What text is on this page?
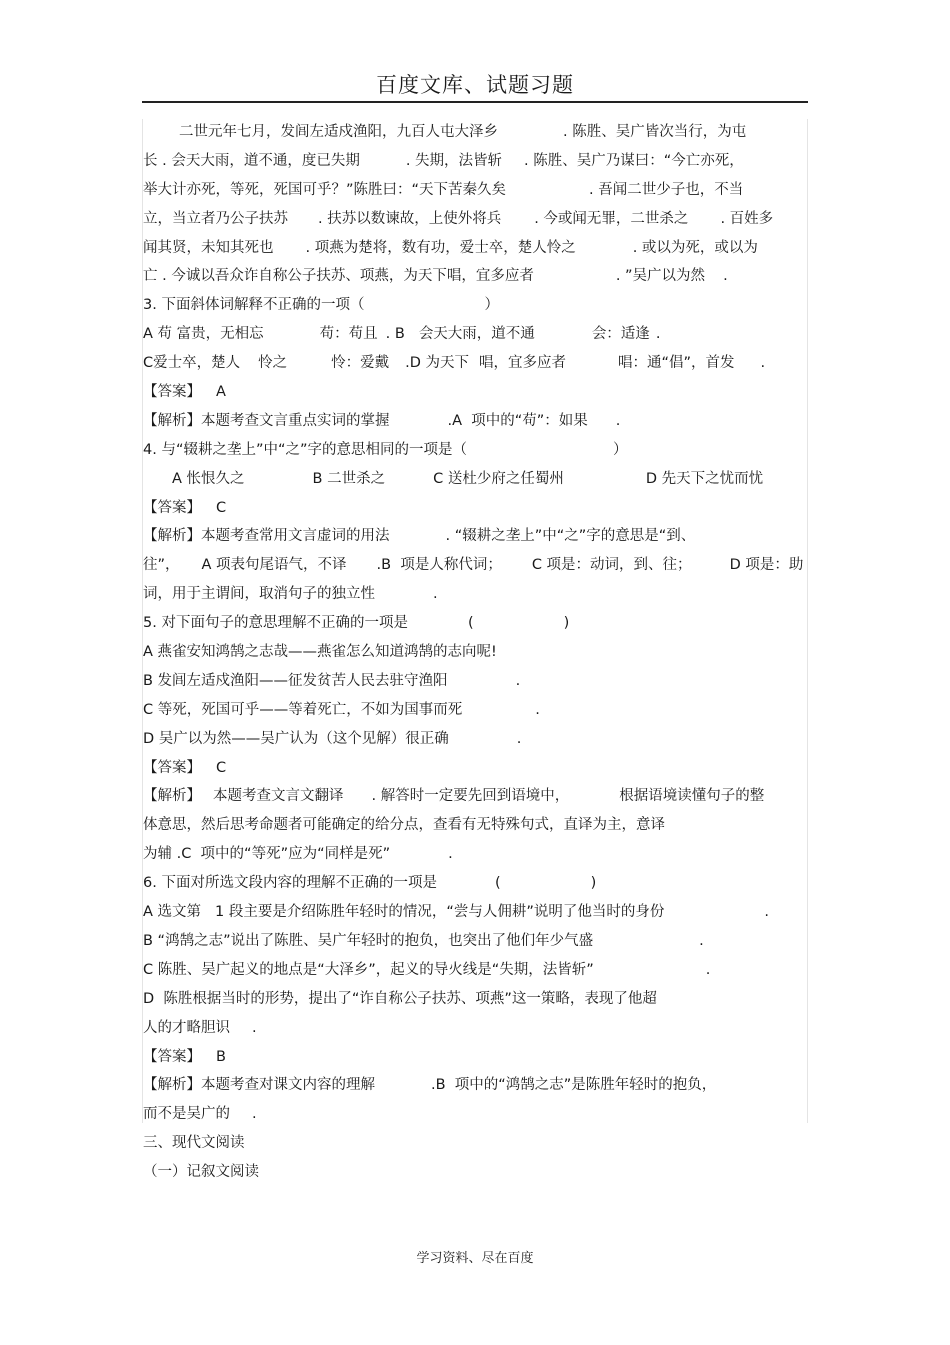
百度文库、试题习题
二世元年七月，发闾左适戍渔阳，九百人屯大泽乡	. 陈胜、吴广皆次当行，为屯
长 . 会天大雨，道不通，度已失期	. 失期，法皆斩 . 陈胜、吴广乃谋曰：“今亡亦死，
举大计亦死，等死，死国可乎？”陈胜曰：“天下苦秦久矣	. 吾闻二世少子也，不当
立，当立者乃公子扶苏 . 扶苏以数谏故，上使外将兵 . 今或闻无罪，二世杀之 . 百姓多
闻其贤，未知其死也 . 项燕为楚将，数有功，爱士卒，楚人怜之	. 或以为死，或以为
亡 . 今诚以吾众诈自称公子扶苏、项燕，为天下唱，宜多应者	. ”吴广以为然 .
3. 下面斜体词解释不正确的一项（	）
A 苟 富贵，无相忘	苟：苟且 . B 会天大雨，道不通	会：适逢 .
C爱士卒，楚人 怜之	怜：爱戴 .D 为天下 唱，宜多应者	唱：通“倡”，首发 .
【答案】 A
【解析】本题考查文言重点实词的掌握	.A  项中的“苟”：如果 .
4. 与“辍耕之垄上”中“之”字的意思相同的一项是（	）
A 怅恨久之	B 二世杀之	C 送杜少府之任蜀州	D 先天下之忧而忧
【答案】 C
【解析】本题考查常用文言虚词的用法	. “辍耕之垄上”中“之”字的意思是“到、
往”， A 项表句尾语气，不译 .B  项是人称代词； C 项是：动词，到、往；	D 项是：助
词，用于主谓间，取消句子的独立性	.
5. 对下面句子的意思理解不正确的一项是	(	)
A 燕雀安知鸿鹄之志哉——燕雀怎么知道鸿鹄的志向呢!
B 发闾左适戍渔阳——征发贫苦人民去驻守渔阳	.
C 等死，死国可乎——等着死亡，不如为国事而死	.
D 吴广以为然——吴广认为（这个见解）很正确	.
【答案】 C
【解析】 本题考查文言文翻译 . 解答时一定要先回到语境中，	根据语境读懂句子的整
体意思，然后思考命题者可能确定的给分点，查看有无特殊句式，直译为主，意译
为辅 .C  项中的“等死”应为“同样是死”	.
6. 下面对所选文段内容的理解不正确的一项是	(	)
A 选文第 1 段主要是介绍陈胜年轻时的情况，“尝与人佣耕”说明了他当时的身份	.
B “鸿鹄之志”说出了陈胜、吴广年轻时的抱负，也突出了他们年少气盛	.
C 陈胜、吴广起义的地点是“大泽乡”，起义的导火线是“失期，法皆斩”	.
D  陈胜根据当时的形势，提出了“诈自称公子扶苏、项燕”这一策略，表现了他超
人的才略胆识 .
【答案】 B
【解析】本题考查对课文内容的理解	.B  项中的“鸿鹄之志”是陈胜年轻时的抱负，
而不是吴广的 .
三、现代文阅读
（一）记叙文阅读
学习资料、尽在百度
